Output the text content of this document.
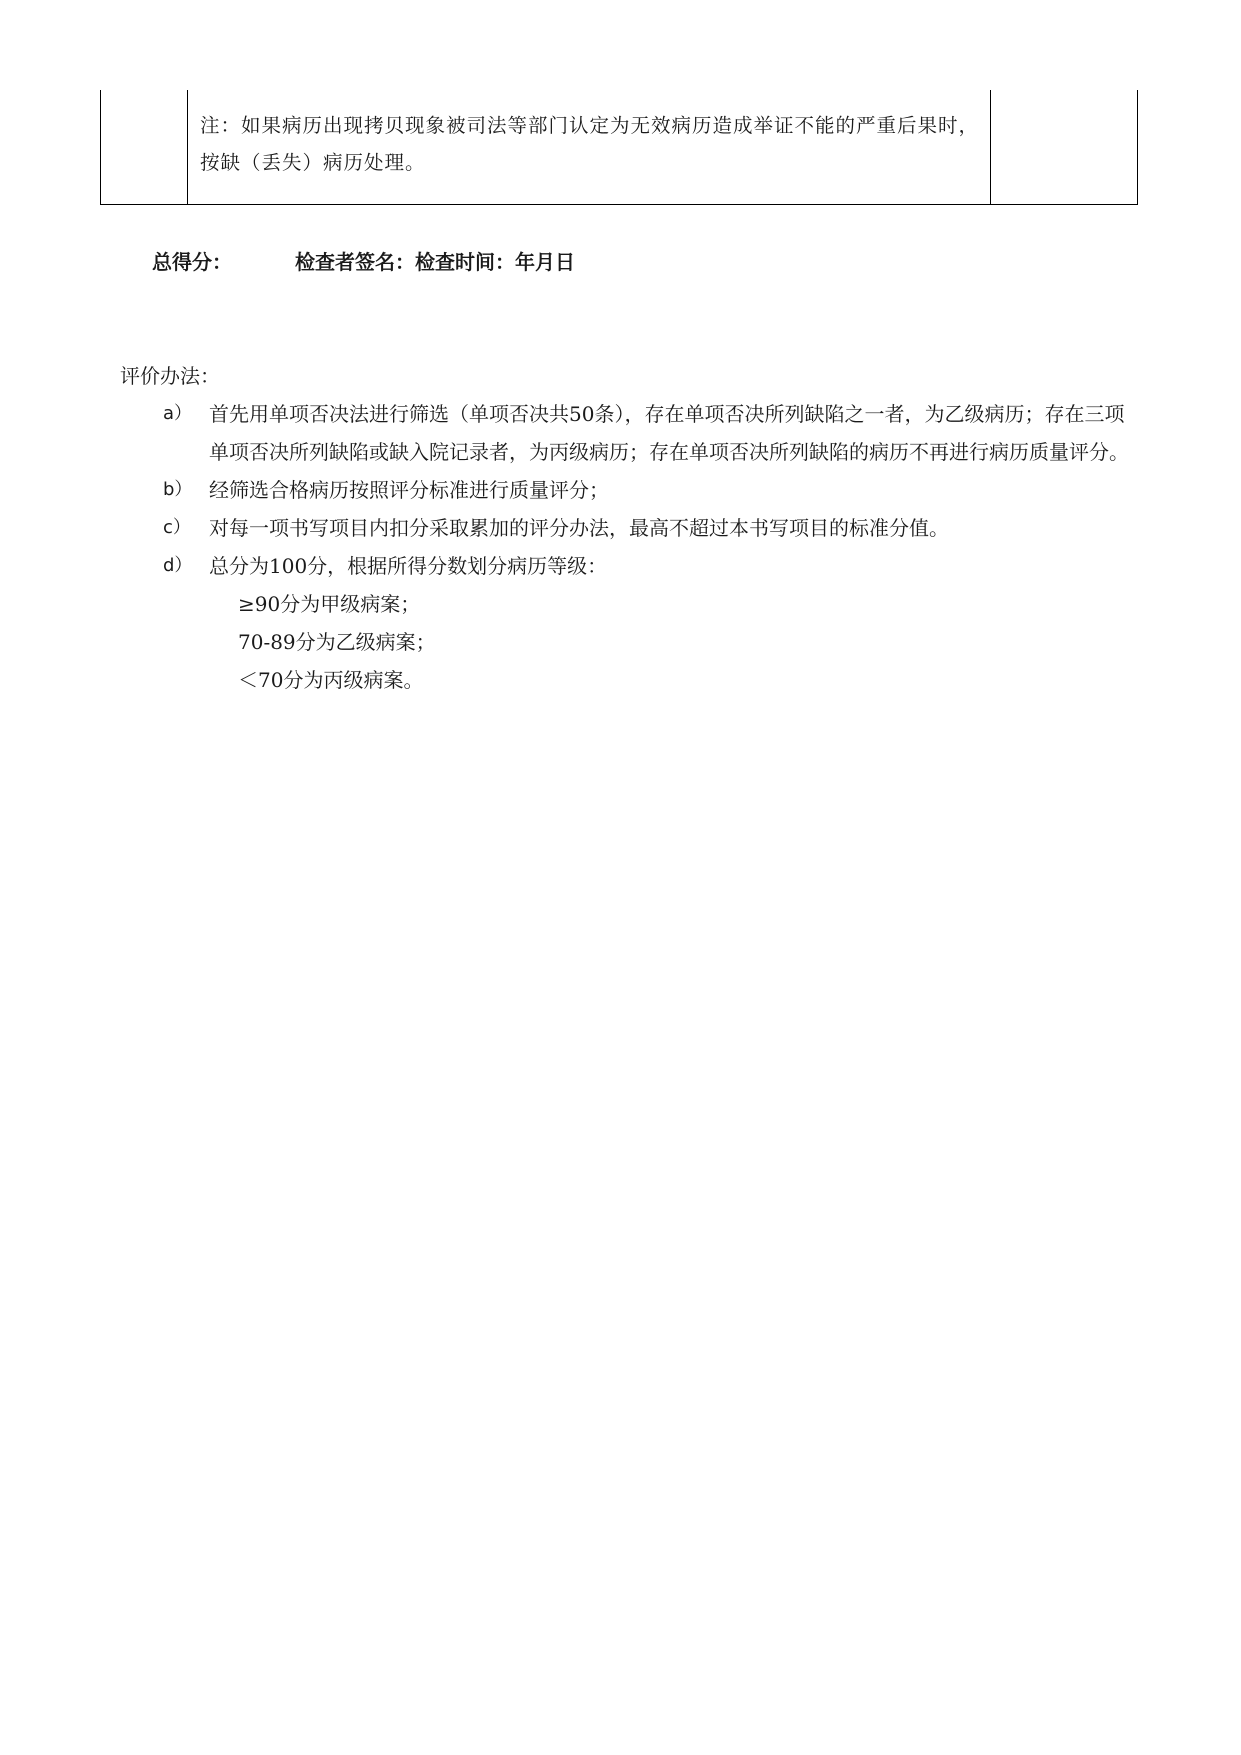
注：如果病历出现拷贝现象被司法等部门认定为无效病历造成举证不能的严重后果时，按缺（丢失）病历处理。

总得分：	检查者签名：检查时间：年月日
评价办法：
a） 首先用单项否决法进行筛选（单项否决共50条），存在单项否决所列缺陷之一者，为乙级病历；存在三项单项否决所列缺陷或缺入院记录者，为丙级病历；存在单项否决所列缺陷的病历不再进行病历质量评分。
b） 经筛选合格病历按照评分标准进行质量评分；
c） 对每一项书写项目内扣分采取累加的评分办法，最高不超过本书写项目的标准分值。
d） 总分为100分，根据所得分数划分病历等级：
≥90分为甲级病案；
70-89分为乙级病案；
＜70分为丙级病案。
